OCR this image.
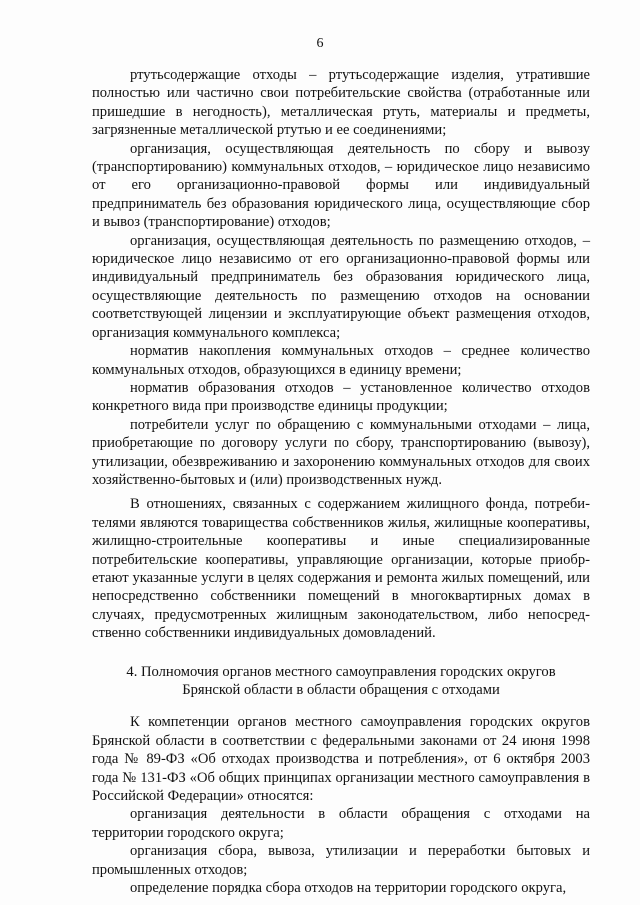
6

ртутьсодержащие отходы – ртутьсодержащие изделия, утратившие полностью или частично свои потребительские свойства (отработанные или пришедшие в негодность), металлическая ртуть, материалы и предметы, загрязненные металлической ртутью и ее соединениями;

организация, осуществляющая деятельность по сбору и вывозу (транспортированию) коммунальных отходов, – юридическое лицо независимо от его организационно-правовой формы или индивидуальный предприниматель без образования юридического лица, осуществляющие сбор и вывоз (транспортирование) отходов;

организация, осуществляющая деятельность по размещению отходов, – юридическое лицо независимо от его организационно-правовой формы или индивидуальный предприниматель без образования юридического лица, осуществляющие деятельность по размещению отходов на основании соответствующей лицензии и эксплуатирующие объект размещения отходов, организация коммунального комплекса;

норматив накопления коммунальных отходов – среднее количество коммунальных отходов, образующихся в единицу времени;

норматив образования отходов – установленное количество отходов конкретного вида при производстве единицы продукции;

потребители услуг по обращению с коммунальными отходами – лица, приобретающие по договору услуги по сбору, транспортированию (вывозу), утилизации, обезвреживанию и захоронению коммунальных отходов для своих хозяйственно-бытовых и (или) производственных нужд.

В отношениях, связанных с содержанием жилищного фонда, потребителями являются товарищества собственников жилья, жилищные кооперативы, жилищно-строительные кооперативы и иные специализированные потребительские кооперативы, управляющие организации, которые приобретают указанные услуги в целях содержания и ремонта жилых помещений, или непосредственно собственники помещений в многоквартирных домах в случаях, предусмотренных жилищным законодательством, либо непосредственно собственники индивидуальных домовладений.

4. Полномочия органов местного самоуправления городских округов
Брянской области в области обращения с отходами

К компетенции органов местного самоуправления городских округов Брянской области в соответствии с федеральными законами от 24 июня 1998 года № 89-ФЗ «Об отходах производства и потребления», от 6 октября 2003 года № 131-ФЗ «Об общих принципах организации местного самоуправления в Российской Федерации» относятся:

организация деятельности в области обращения с отходами на территории городского округа;

организация сбора, вывоза, утилизации и переработки бытовых и промышленных отходов;

определение порядка сбора отходов на территории городского округа,
